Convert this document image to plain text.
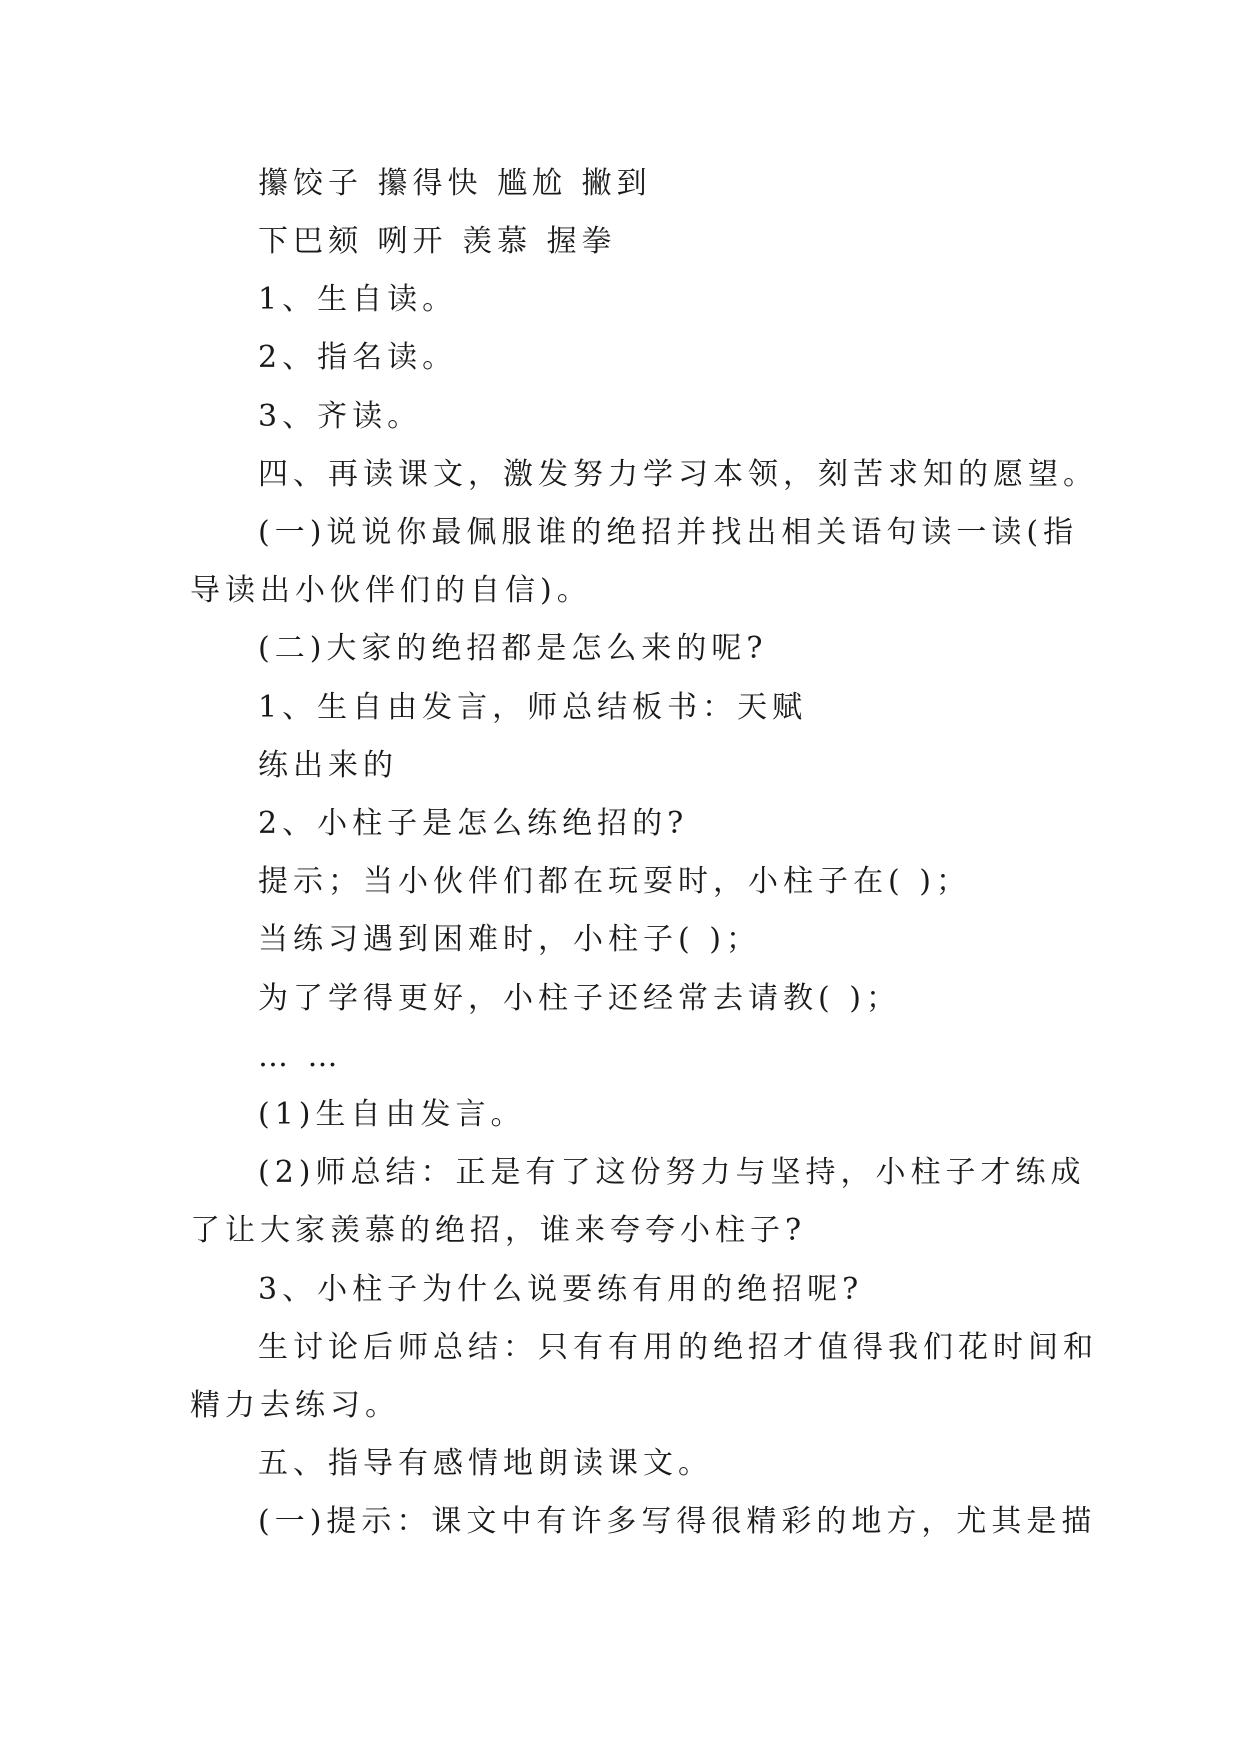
攥饺子 攥得快 尴尬 撇到
下巴颏 咧开 羡慕 握拳
1、生自读。
2、指名读。
3、齐读。
四、再读课文，激发努力学习本领，刻苦求知的愿望。
(一)说说你最佩服谁的绝招并找出相关语句读一读(指
导读出小伙伴们的自信)。
(二)大家的绝招都是怎么来的呢?
1、生自由发言，师总结板书：天赋
练出来的
2、小柱子是怎么练绝招的?
提示；当小伙伴们都在玩耍时，小柱子在( )；
当练习遇到困难时，小柱子( )；
为了学得更好，小柱子还经常去请教( )；
… …
(1)生自由发言。
(2)师总结：正是有了这份努力与坚持，小柱子才练成
了让大家羡慕的绝招，谁来夸夸小柱子?
3、小柱子为什么说要练有用的绝招呢?
生讨论后师总结：只有有用的绝招才值得我们花时间和
精力去练习。
五、指导有感情地朗读课文。
(一)提示：课文中有许多写得很精彩的地方，尤其是描
